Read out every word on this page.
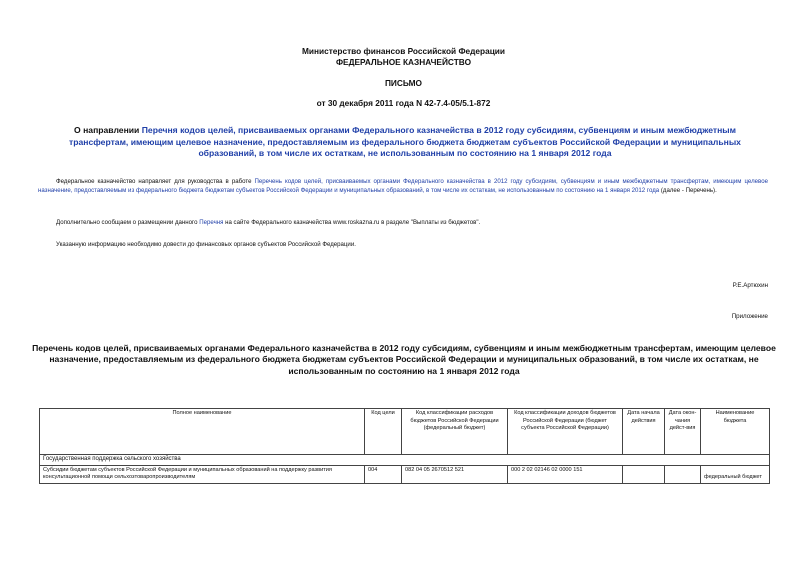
Министерство финансов Российской Федерации
ФЕДЕРАЛЬНОЕ КАЗНАЧЕЙСТВО
ПИСЬМО
от 30 декабря 2011 года N 42-7.4-05/5.1-872
О направлении Перечня кодов целей, присваиваемых органами Федерального казначейства в 2012 году субсидиям, субвенциям и иным межбюджетным трансфертам, имеющим целевое назначение, предоставляемым из федерального бюджета бюджетам субъектов Российской Федерации и муниципальных образований, в том числе их остаткам, не использованным по состоянию на 1 января 2012 года
Федеральное казначейство направляет для руководства в работе Перечень кодов целей, присваиваемых органами Федерального казначейства в 2012 году субсидиям, субвенциям и иным межбюджетным трансфертам, имеющим целевое назначение, предоставляемым из федерального бюджета бюджетам субъектов Российской Федерации и муниципальных образований, в том числе их остаткам, не использованным по состоянию на 1 января 2012 года (далее - Перечень).
Дополнительно сообщаем о размещении данного Перечня на сайте Федерального казначейства www.roskazna.ru в разделе "Выплаты из бюджетов".
Указанную информацию необходимо довести до финансовых органов субъектов Российской Федерации.
Р.Е.Артюхин
Приложение
Перечень кодов целей, присваиваемых органами Федерального казначейства в 2012 году субсидиям, субвенциям и иным межбюджетным трансфертам, имеющим целевое назначение, предоставляемым из федерального бюджета бюджетам субъектов Российской Федерации и муниципальных образований, в том числе их остаткам, не использованным по состоянию на 1 января 2012 года
Полное наименование	Код цели	Код классификации расходов бюджетов Российской Федерации (федеральный бюджет)	Код классификации доходов бюджетов Российской Федерации (бюджет субъекта Российской Федерации)	Дата начала действия	Дата окон-чания дейст-вия	Наименование бюджета
Государственная поддержка сельского хозяйства						
Субсидии бюджетам субъектов Российской Федерации и муниципальных образований на поддержку развития консультационной помощи сельхозтоваропроизводителям	004	082 04 05 2670512 521	000 2 02 02146 02 0000 151			федеральный бюджет
